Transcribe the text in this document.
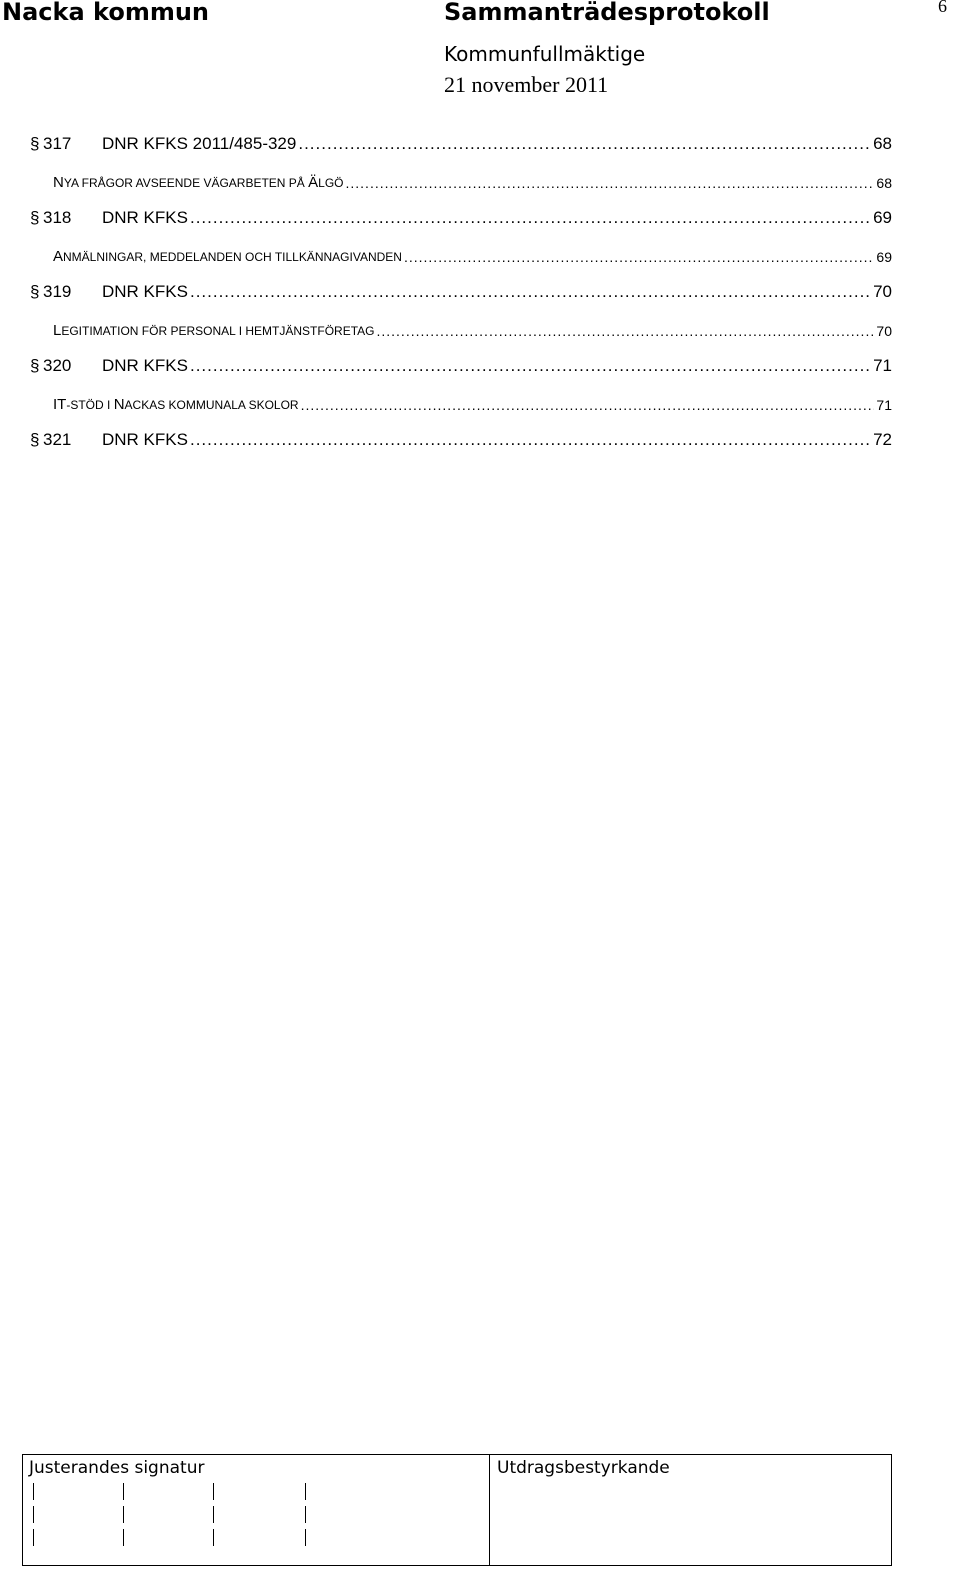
Nacka kommun	Sammanträdesprotokoll	6
Kommunfullmäktige
21 november 2011
§ 317	DNR KFKS 2011/485-329 .....	68
NYA FRÅGOR AVSEENDE VÄGARBETEN PÅ ÄLGÖ .....	68
§ 318	DNR KFKS .....	69
ANMÄLNINGAR, MEDDELANDEN OCH TILLKÄNNAGIVANDEN .....	69
§ 319	DNR KFKS .....	70
LEGITIMATION FÖR PERSONAL I HEMTJÄNSTFÖRETAG .....	70
§ 320	DNR KFKS .....	71
IT-STÖD I NACKAS KOMMUNALA SKOLOR .....	71
§ 321	DNR KFKS .....	72
Justerandes signatur	Utdragsbestyrkande
